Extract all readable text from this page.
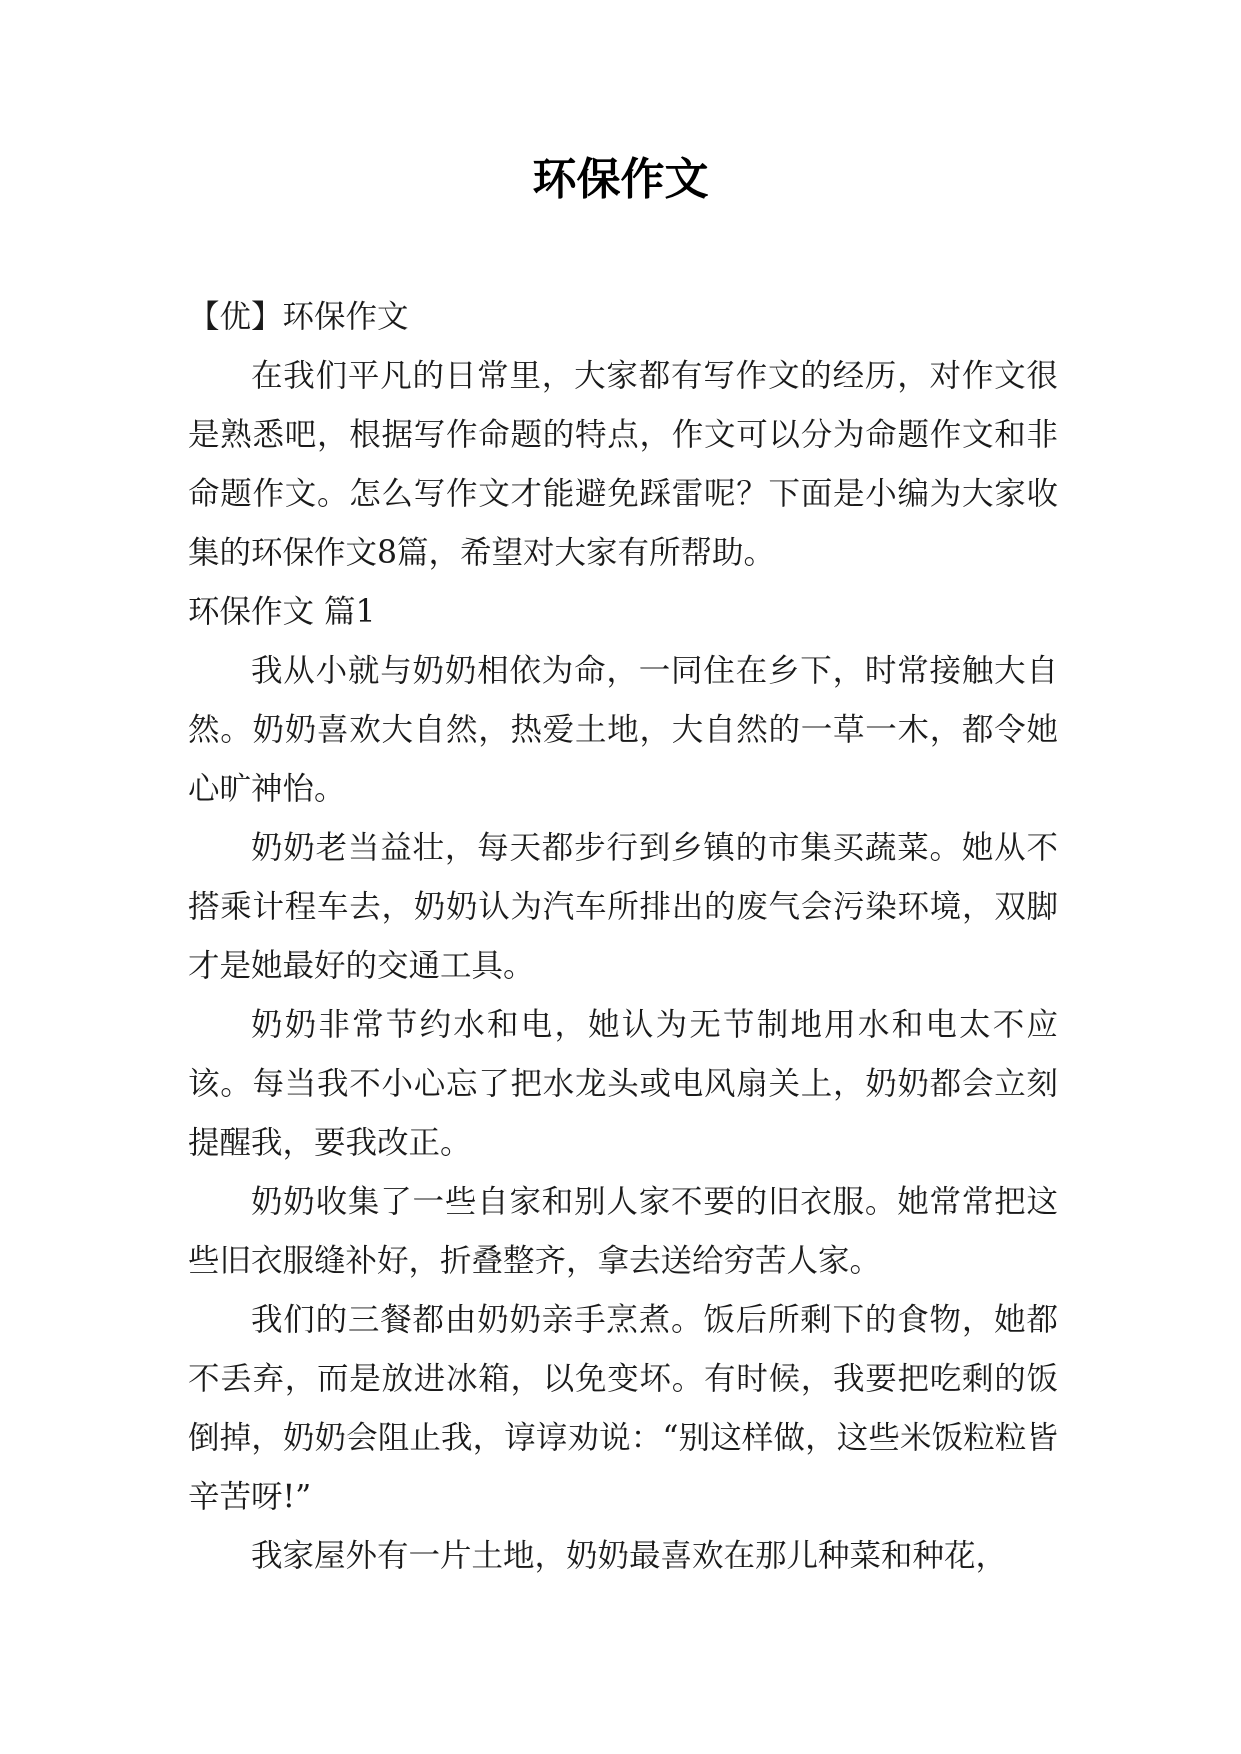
环保作文

【优】环保作文

在我们平凡的日常里，大家都有写作文的经历，对作文很是熟悉吧，根据写作命题的特点，作文可以分为命题作文和非命题作文。怎么写作文才能避免踩雷呢？下面是小编为大家收集的环保作文8篇，希望对大家有所帮助。

环保作文 篇1

我从小就与奶奶相依为命，一同住在乡下，时常接触大自然。奶奶喜欢大自然，热爱土地，大自然的一草一木，都令她心旷神怡。

奶奶老当益壮，每天都步行到乡镇的市集买蔬菜。她从不搭乘计程车去，奶奶认为汽车所排出的废气会污染环境，双脚才是她最好的交通工具。

奶奶非常节约水和电，她认为无节制地用水和电太不应该。每当我不小心忘了把水龙头或电风扇关上，奶奶都会立刻提醒我，要我改正。

奶奶收集了一些自家和别人家不要的旧衣服。她常常把这些旧衣服缝补好，折叠整齐，拿去送给穷苦人家。

我们的三餐都由奶奶亲手烹煮。饭后所剩下的食物，她都不丢弃，而是放进冰箱，以免变坏。有时候，我要把吃剩的饭倒掉，奶奶会阻止我，谆谆劝说：“别这样做，这些米饭粒粒皆辛苦呀!”

我家屋外有一片土地，奶奶最喜欢在那儿种菜和种花，
